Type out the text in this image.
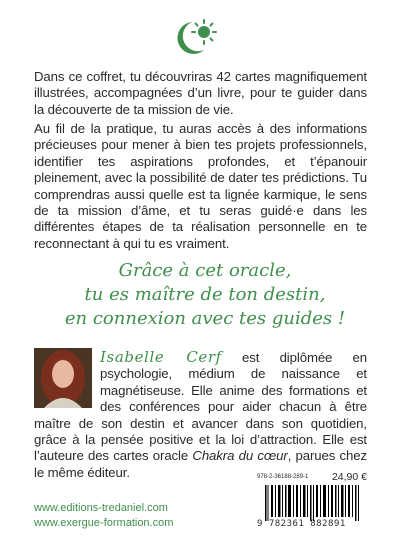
Dans ce coffret, tu découvriras 42 cartes magnifiquement illustrées, accompagnées d’un livre, pour te guider dans la découverte de ta mission de vie.

Au fil de la pratique, tu auras accès à des informations précieuses pour mener à bien tes projets professionnels, identifier tes aspirations profondes, et t’épanouir pleinement, avec la possibilité de dater tes prédictions. Tu comprendras aussi quelle est ta lignée karmique, le sens de ta mission d’âme, et tu seras guidé·e dans les différentes étapes de ta réalisation personnelle en te reconnectant à qui tu es vraiment.

Grâce à cet oracle,
tu es maître de ton destin,
en connexion avec tes guides !

Isabelle Cerf est diplômée en psychologie, médium de naissance et magnétiseuse. Elle anime des formations et des conférences pour aider chacun à être maître de son destin et avancer dans son quotidien, grâce à la pensée positive et la loi d’attraction. Elle est l’auteure des cartes oracle Chakra du cœur, parues chez le même éditeur.

www.editions-tredaniel.com
www.exergue-formation.com
978-2-36188-289-1	24,90 €
9 782361 882891
